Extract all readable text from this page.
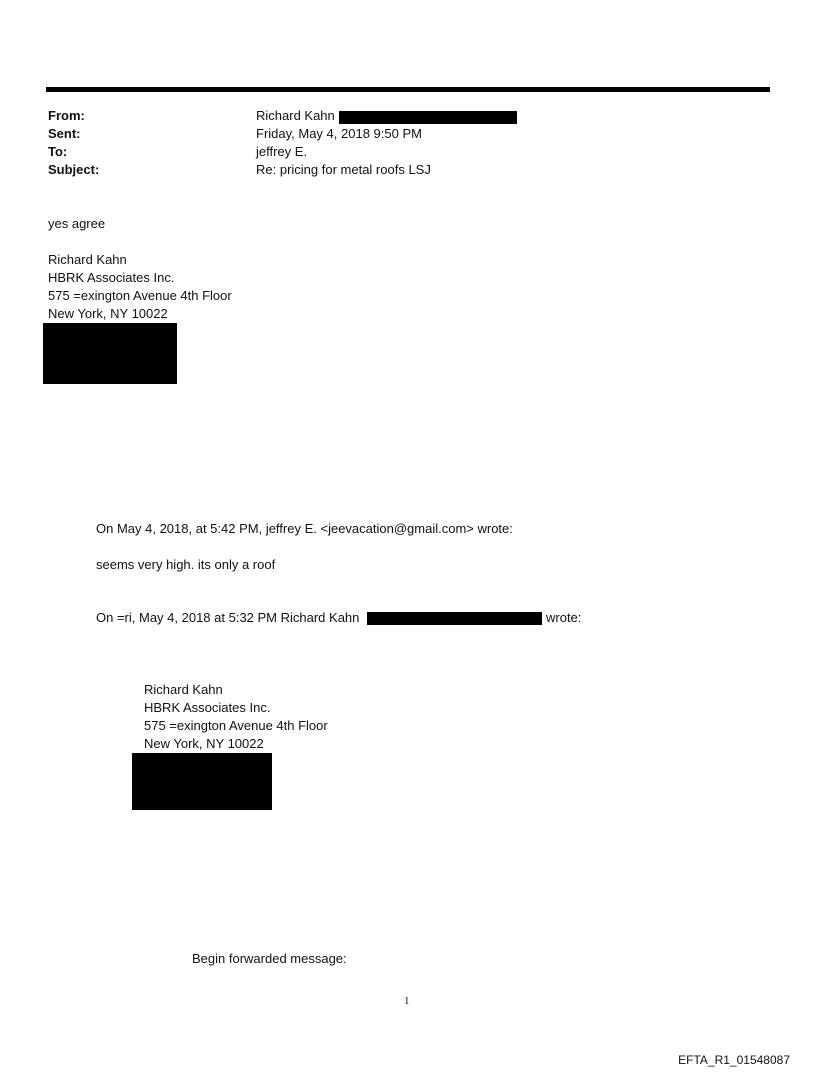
From:	Richard Kahn
Sent:	Friday, May 4, 2018 9:50 PM
To:	jeffrey E.
Subject:	Re: pricing for metal roofs LSJ
yes agree
Richard Kahn
HBRK Associates Inc.
575 =exington Avenue 4th Floor
New York, NY 10022
On May 4, 2018, at 5:42 PM, jeffrey E. <jeevacation@gmail.com> wrote:
seems very high. its only a roof
On =ri, May 4, 2018 at 5:32 PM Richard Kahn	wrote:
Richard Kahn
HBRK Associates Inc.
575 =exington Avenue 4th Floor
New York, NY 10022
Begin forwarded message:
1
EFTA_R1_01548087
